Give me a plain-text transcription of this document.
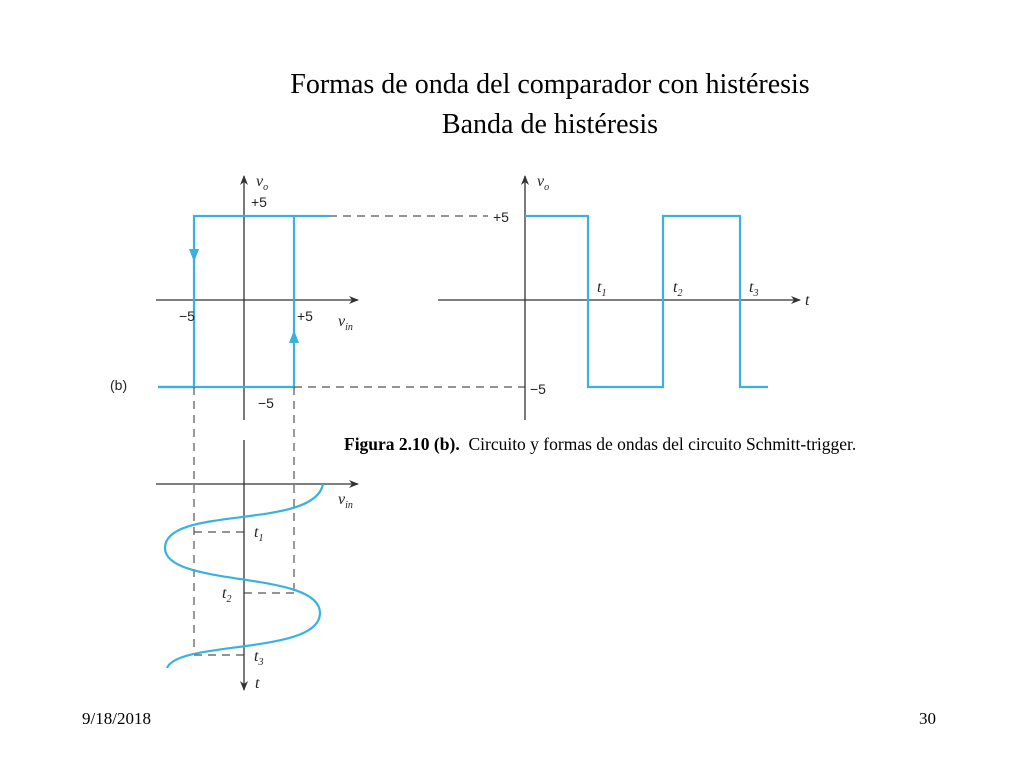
Formas de onda del comparador con histéresis
Banda de histéresis
$v_o$
+5
−5	+5 $v_{in}$
−5
(b)
$v_o$
+5
−5
$t_1$	$t_2$	$t_3$	t
$v_{in}$
$t_1$
$t_2$
$t_3$
t
Figura 2.10 (b). Circuito y formas de ondas del circuito Schmitt-trigger.
9/18/2018	30
